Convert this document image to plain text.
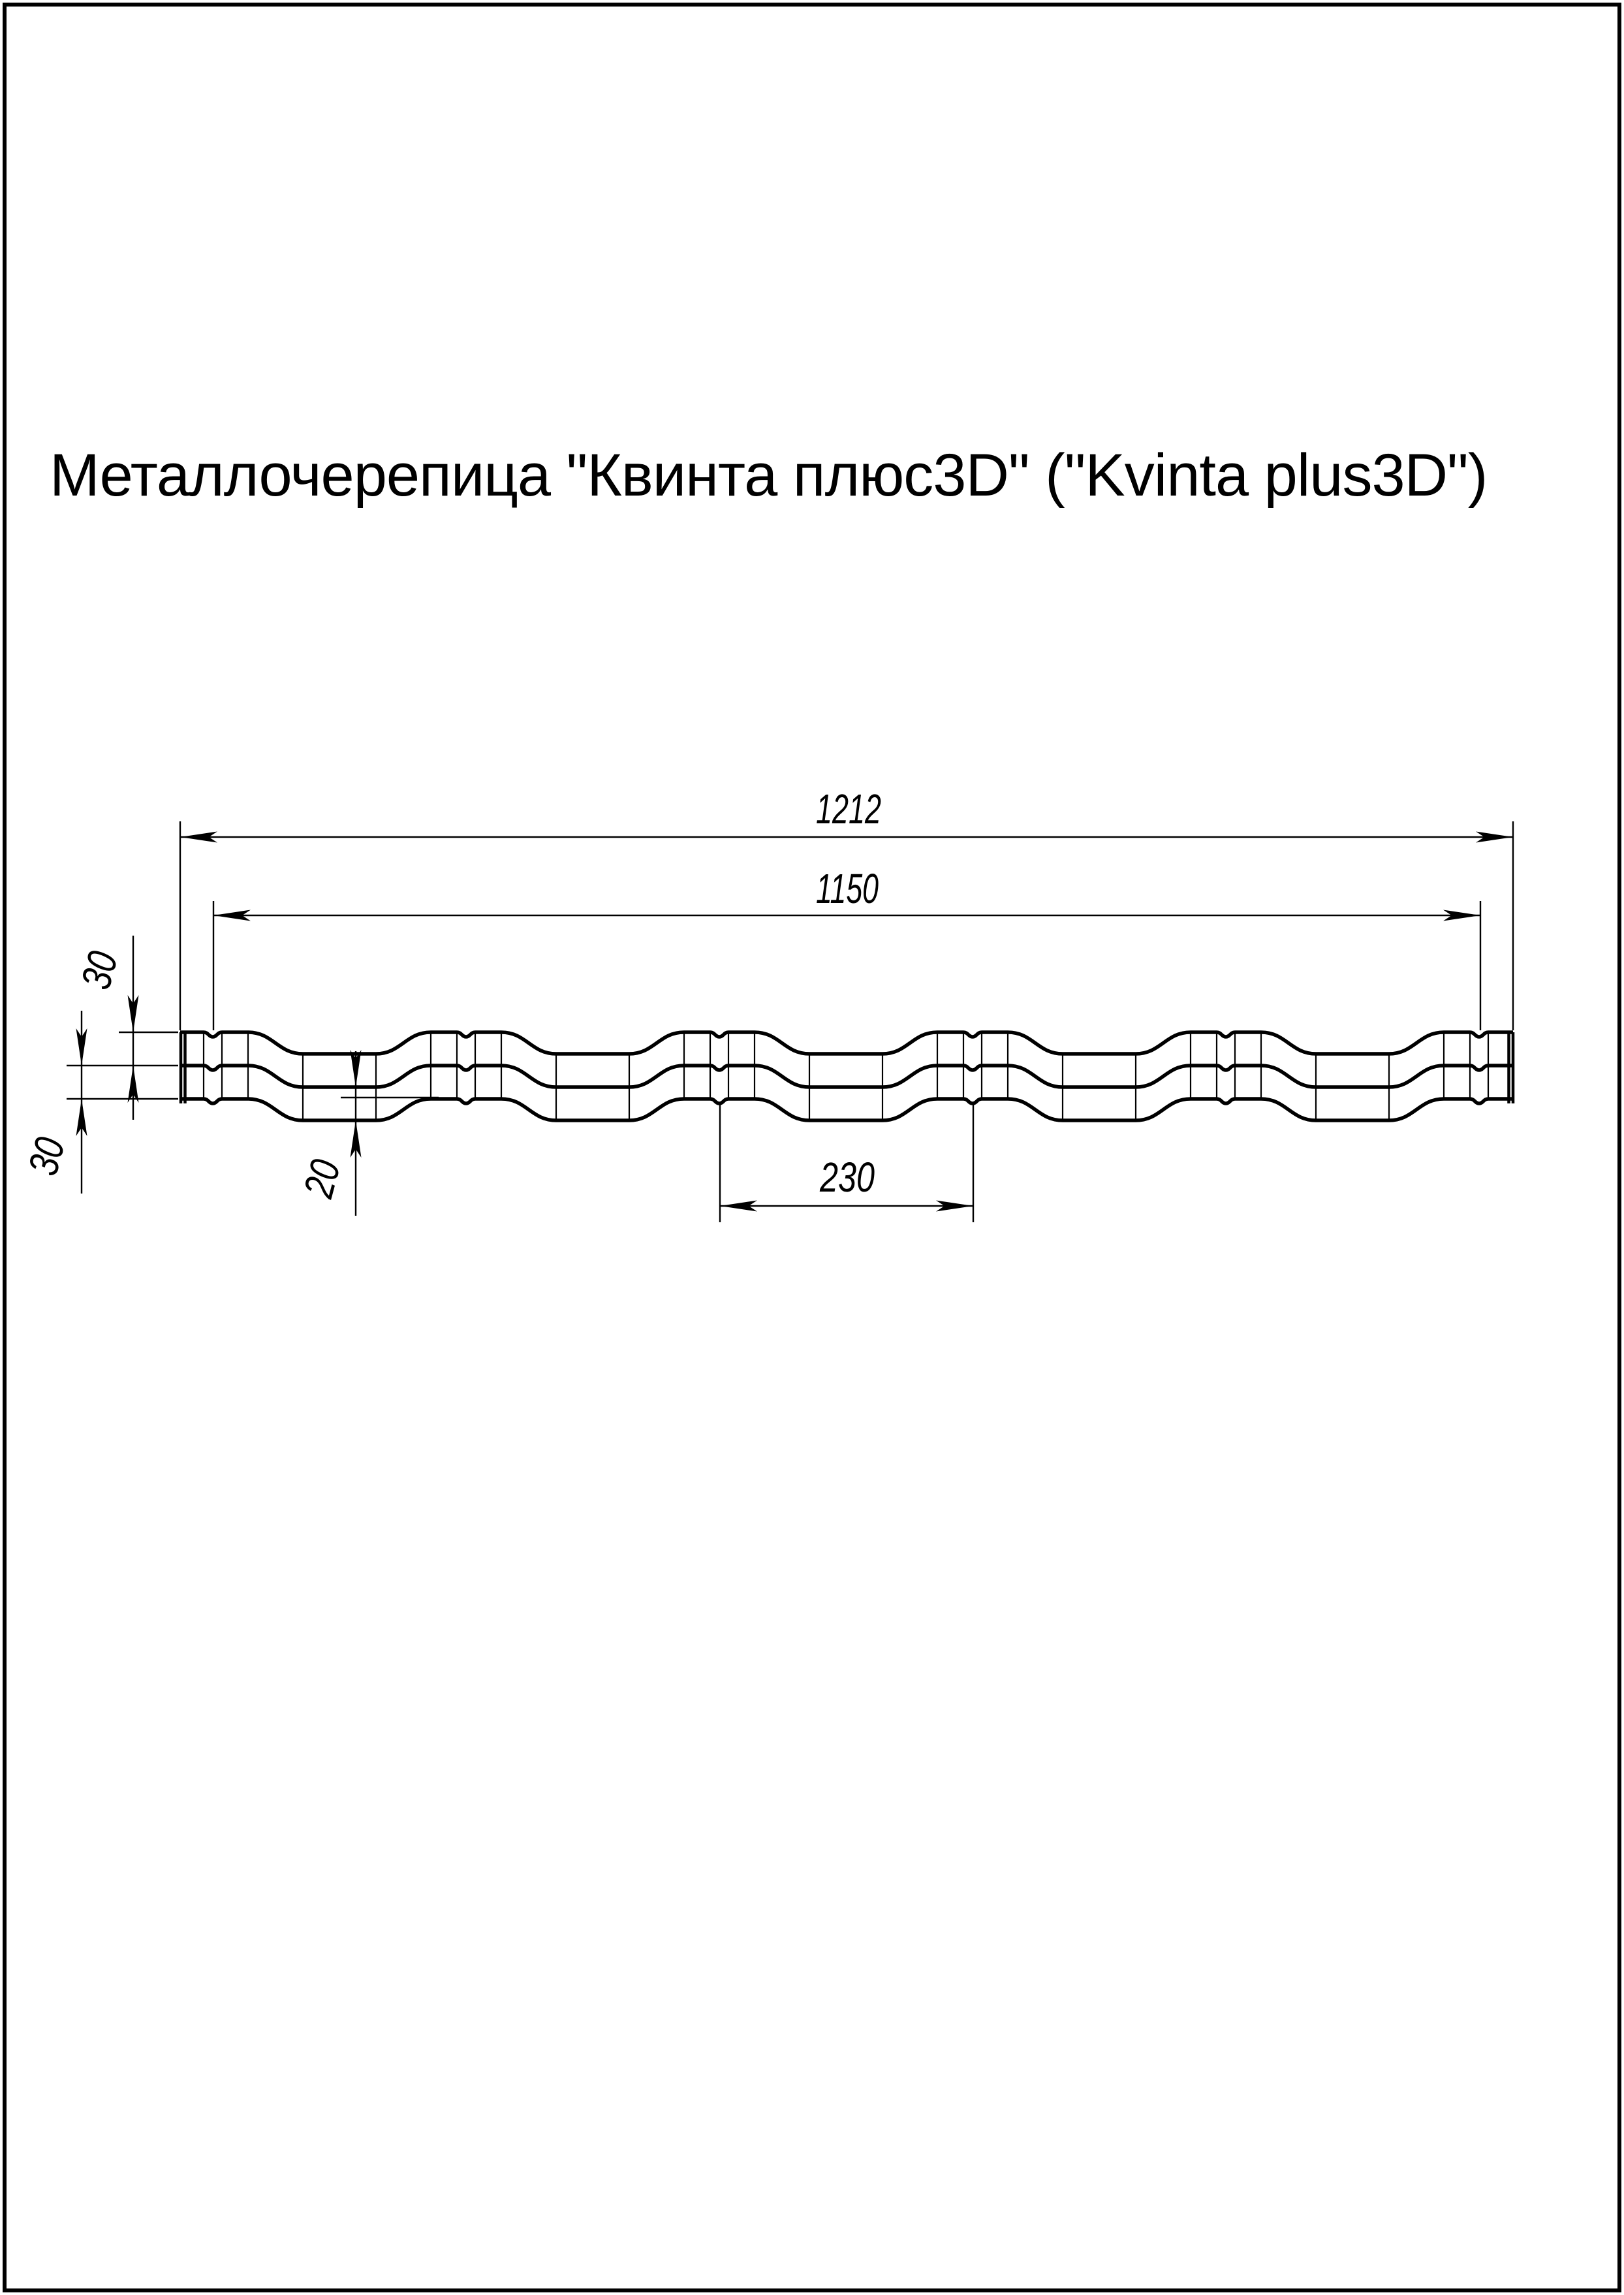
Металлочерепица "Квинта плюс3D" ("Kvinta plus3D")
1212
1150
230
30
30	20
